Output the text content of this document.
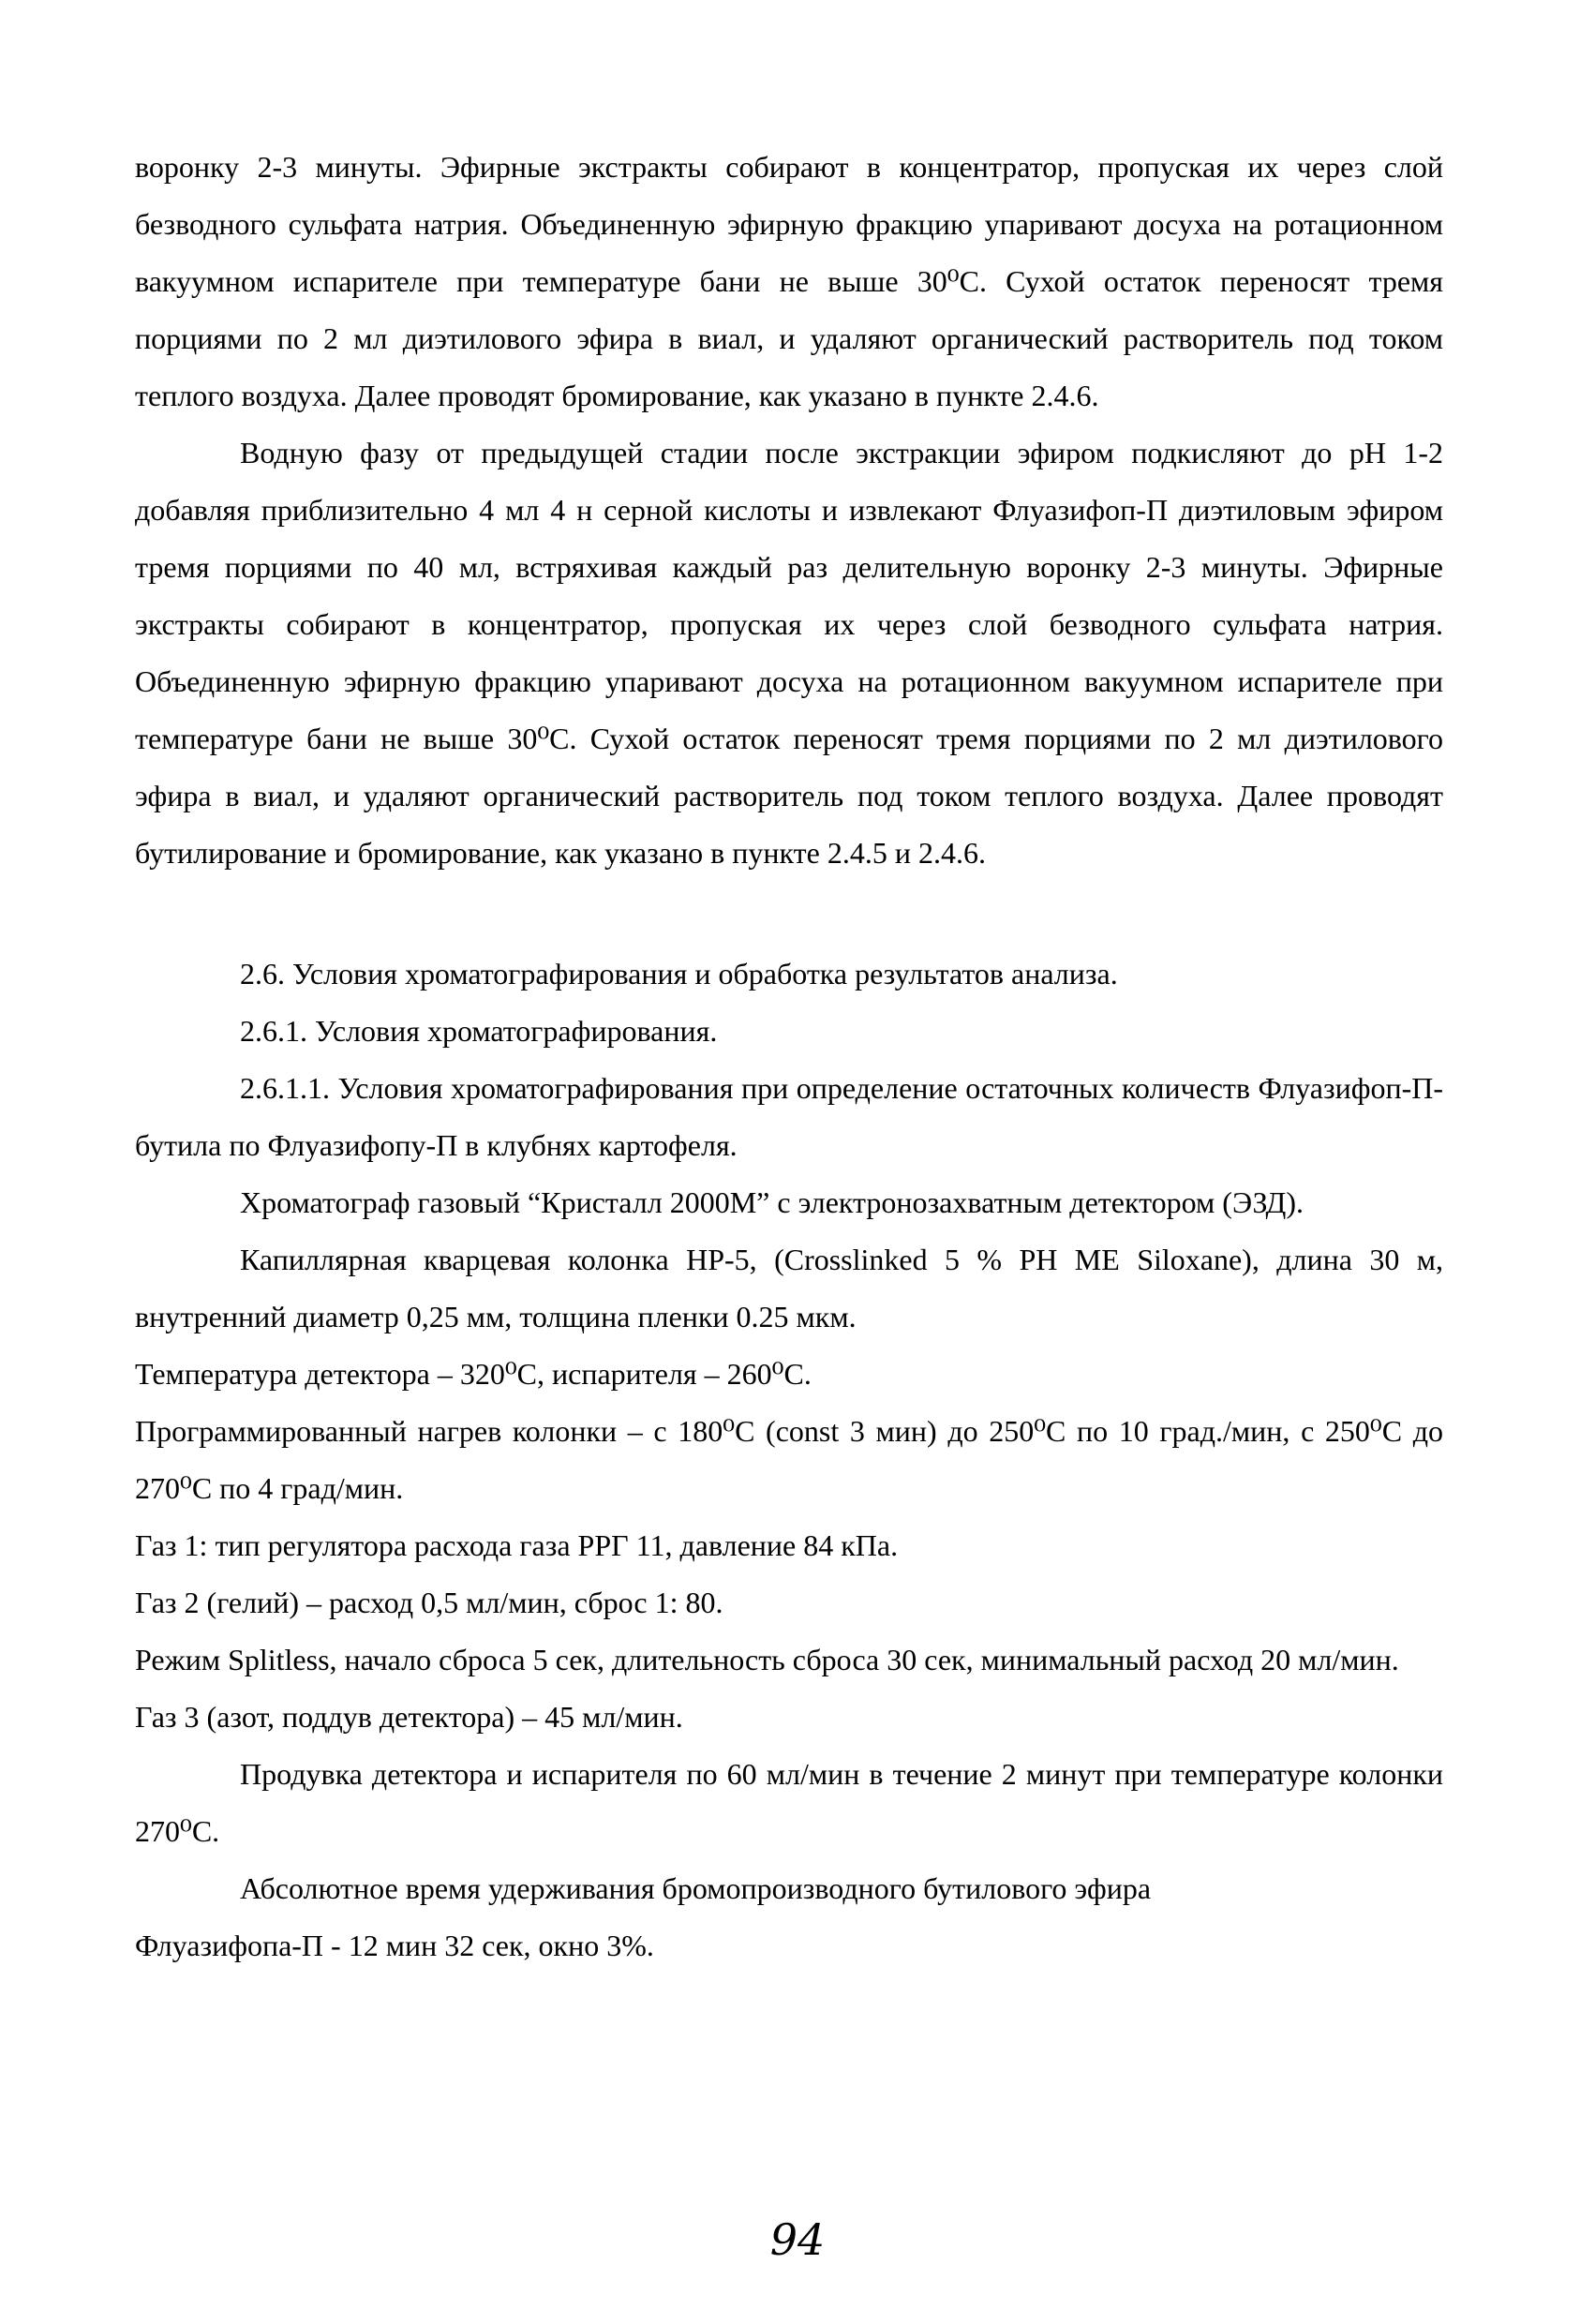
воронку 2-3 минуты. Эфирные экстракты собирают в концентратор, пропуская их через слой безводного сульфата натрия. Объединенную эфирную фракцию упаривают досуха на ротационном вакуумном испарителе при температуре бани не выше 30⁰С. Сухой остаток переносят тремя порциями по 2 мл диэтилового эфира в виал, и удаляют органический растворитель под током теплого воздуха. Далее проводят бромирование, как указано в пункте 2.4.6.

Водную фазу от предыдущей стадии после экстракции эфиром подкисляют до pH 1-2 добавляя приблизительно 4 мл 4 н серной кислоты и извлекают Флуазифоп-П диэтиловым эфиром тремя порциями по 40 мл, встряхивая каждый раз делительную воронку 2-3 минуты. Эфирные экстракты собирают в концентратор, пропуская их через слой безводного сульфата натрия. Объединенную эфирную фракцию упаривают досуха на ротационном вакуумном испарителе при температуре бани не выше 30⁰С. Сухой остаток переносят тремя порциями по 2 мл диэтилового эфира в виал, и удаляют органический растворитель под током теплого воздуха. Далее проводят бутилирование и бромирование, как указано в пункте 2.4.5 и 2.4.6.

2.6. Условия хроматографирования и обработка результатов анализа.

2.6.1. Условия хроматографирования.

2.6.1.1. Условия хроматографирования при определение остаточных количеств Флуазифоп-П-бутила по Флуазифопу-П в клубнях картофеля.

Хроматограф газовый “Кристалл 2000М” с электронозахватным детектором (ЭЗД).

Капиллярная кварцевая колонка HP-5, (Crosslinked 5 % PH ME Siloxane), длина 30 м, внутренний диаметр 0,25 мм, толщина пленки 0.25 мкм.

Температура детектора – 320⁰С, испарителя – 260⁰С.

Программированный нагрев колонки – с 180⁰С (const 3 мин) до 250⁰С по 10 град./мин, с 250⁰С до 270⁰С по 4 град/мин.

Газ 1: тип регулятора расхода газа РРГ 11, давление 84 кПа.

Газ 2 (гелий) – расход 0,5 мл/мин, сброс 1: 80.

Режим Splitless, начало сброса 5 сек, длительность сброса 30 сек, минимальный расход 20 мл/мин.

Газ 3 (азот, поддув детектора) – 45 мл/мин.

Продувка детектора и испарителя по 60 мл/мин в течение 2 минут при температуре колонки 270⁰С.

Абсолютное время удерживания бромопроизводного бутилового эфира

Флуазифопа-П - 12 мин 32 сек, окно 3%.

94
